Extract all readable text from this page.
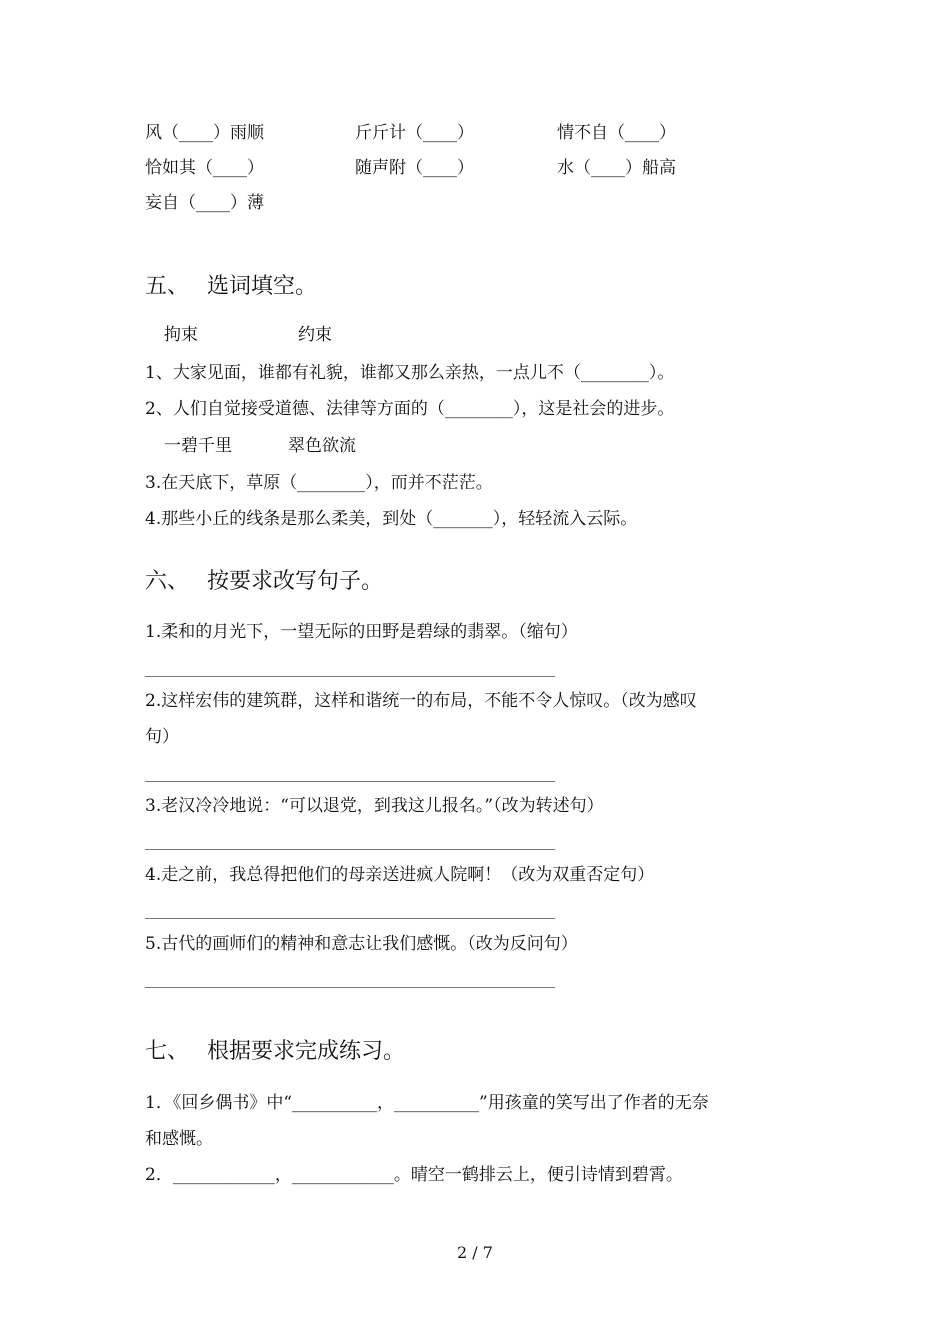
风（____）雨顺	斤斤计（____）	情不自（____）
恰如其（____）	随声附（____）	水（____）船高
妄自（____）薄
五、 选词填空。
拘束	约束
1、大家见面，谁都有礼貌，谁都又那么亲热，一点儿不（________）。
2、人们自觉接受道德、法律等方面的（________），这是社会的进步。
一碧千里	翠色欲流
3.在天底下，草原（________），而并不茫茫。
4.那些小丘的线条是那么柔美，到处（_______），轻轻流入云际。
六、 按要求改写句子。
1.柔和的月光下，一望无际的田野是碧绿的翡翠。（缩句）
2.这样宏伟的建筑群，这样和谐统一的布局，不能不令人惊叹。（改为感叹
句）
3.老汉冷冷地说：“可以退党，到我这儿报名。”（改为转述句）
4.走之前，我总得把他们的母亲送进疯人院啊！（改为双重否定句）
5.古代的画师们的精神和意志让我们感慨。（改为反问句）
七、 根据要求完成练习。
1．《回乡偶书》中“__________，__________”用孩童的笑写出了作者的无奈
和感慨。
2．____________，____________。晴空一鹤排云上，便引诗情到碧霄。
2 / 7
